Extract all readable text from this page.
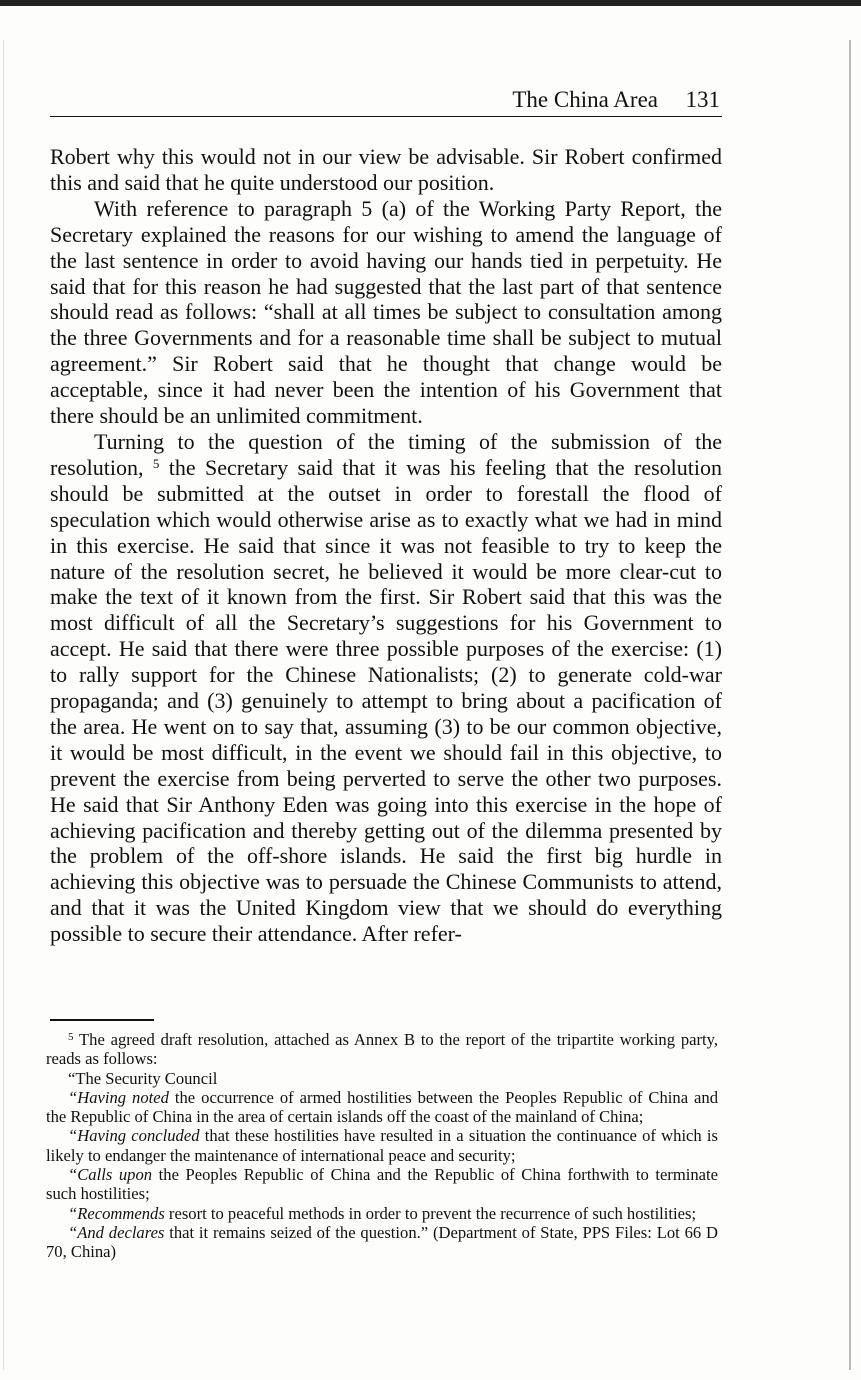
The China Area 131

Robert why this would not in our view be advisable. Sir Robert confirmed this and said that he quite understood our position.

With reference to paragraph 5 (a) of the Working Party Report, the Secretary explained the reasons for our wishing to amend the language of the last sentence in order to avoid having our hands tied in perpetuity. He said that for this reason he had suggested that the last part of that sentence should read as follows: “shall at all times be subject to consultation among the three Governments and for a reasonable time shall be subject to mutual agreement.” Sir Robert said that he thought that change would be acceptable, since it had never been the intention of his Government that there should be an unlimited commitment.

Turning to the question of the timing of the submission of the resolution, $^5$ the Secretary said that it was his feeling that the resolution should be submitted at the outset in order to forestall the flood of speculation which would otherwise arise as to exactly what we had in mind in this exercise. He said that since it was not feasible to try to keep the nature of the resolution secret, he believed it would be more clear-cut to make the text of it known from the first. Sir Robert said that this was the most difficult of all the Secretary’s suggestions for his Government to accept. He said that there were three possible purposes of the exercise: (1) to rally support for the Chinese Nationalists; (2) to generate cold-war propaganda; and (3) genuinely to attempt to bring about a pacification of the area. He went on to say that, assuming (3) to be our common objective, it would be most difficult, in the event we should fail in this objective, to prevent the exercise from being perverted to serve the other two purposes. He said that Sir Anthony Eden was going into this exercise in the hope of achieving pacification and thereby getting out of the dilemma presented by the problem of the off-shore islands. He said the first big hurdle in achieving this objective was to persuade the Chinese Communists to attend, and that it was the United Kingdom view that we should do everything possible to secure their attendance. After refer-

$^5$ The agreed draft resolution, attached as Annex B to the report of the tripartite working party, reads as follows:

“The Security Council

“Having noted the occurrence of armed hostilities between the Peoples Republic of China and the Republic of China in the area of certain islands off the coast of the mainland of China;

“Having concluded that these hostilities have resulted in a situation the continuance of which is likely to endanger the maintenance of international peace and security;

“Calls upon the Peoples Republic of China and the Republic of China forthwith to terminate such hostilities;

“Recommends resort to peaceful methods in order to prevent the recurrence of such hostilities;

“And declares that it remains seized of the question.” (Department of State, PPS Files: Lot 66 D 70, China)
